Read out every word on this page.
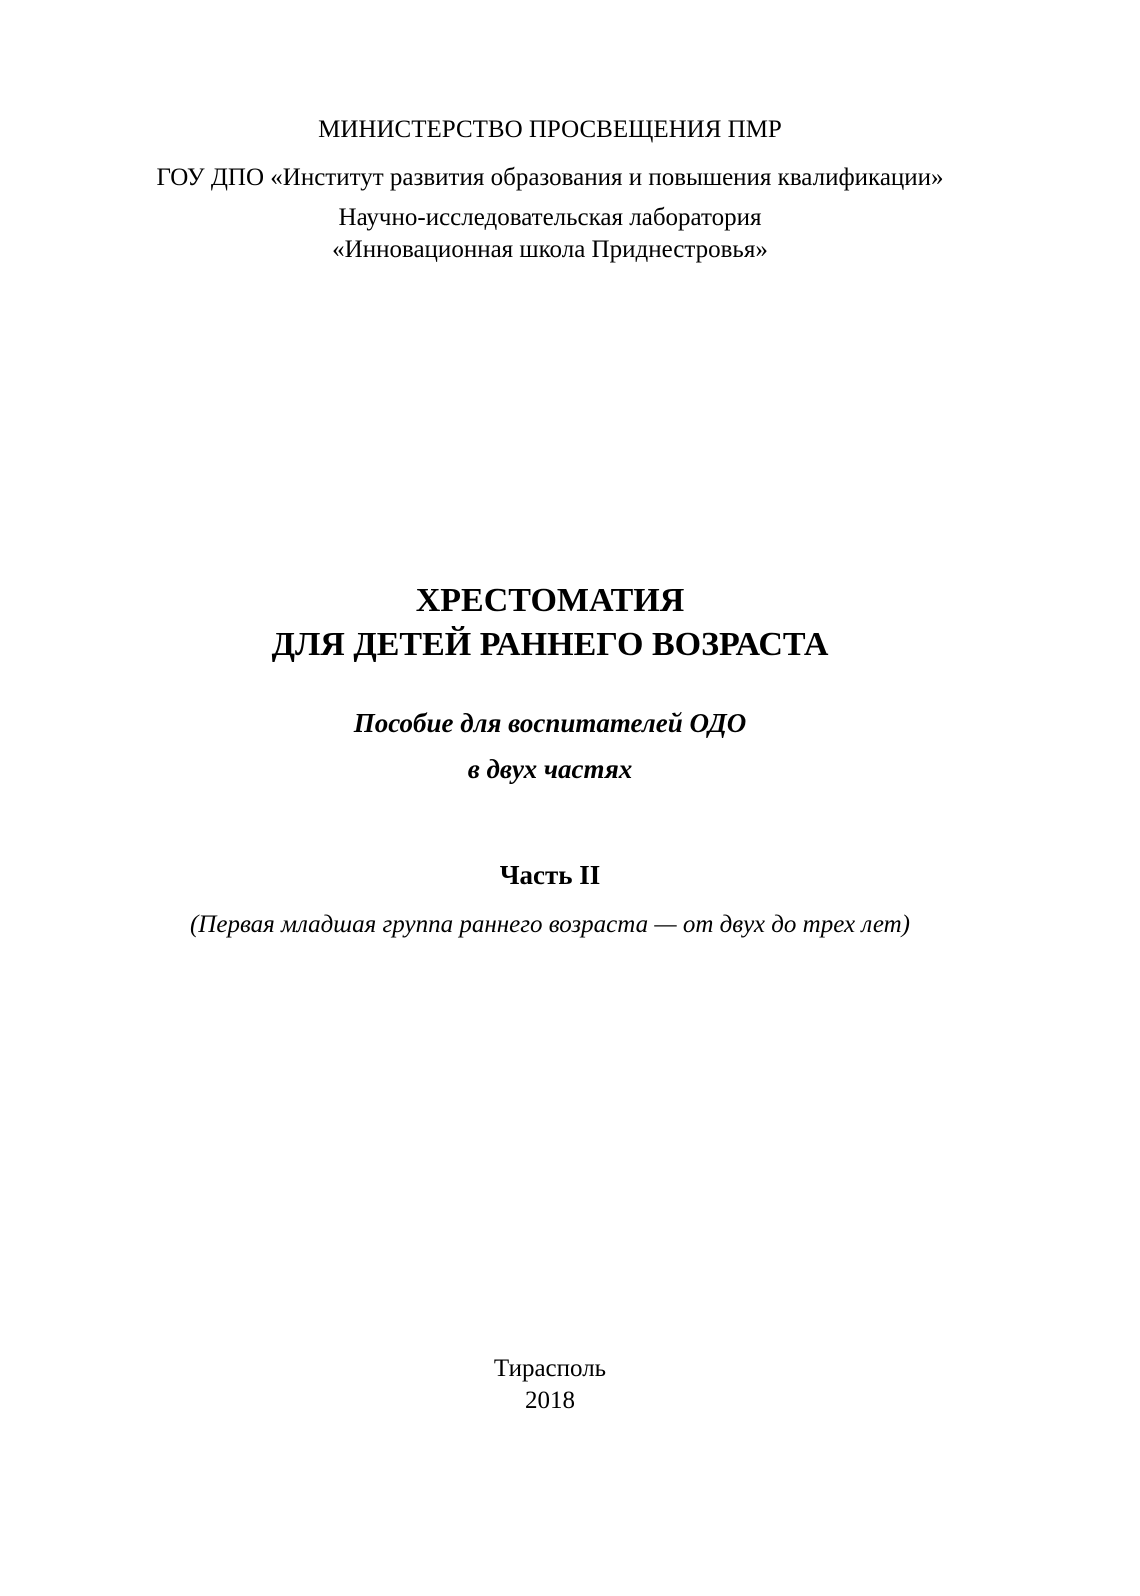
МИНИСТЕРСТВО ПРОСВЕЩЕНИЯ ПМР
ГОУ ДПО «Институт развития образования и повышения квалификации»
Научно-исследовательская лаборатория
«Инновационная школа Приднестровья»
ХРЕСТОМАТИЯ
ДЛЯ ДЕТЕЙ РАННЕГО ВОЗРАСТА
Пособие для воспитателей ОДО
в двух частях
Часть II
(Первая младшая группа раннего возраста — от двух до трех лет)
Тирасполь
2018
